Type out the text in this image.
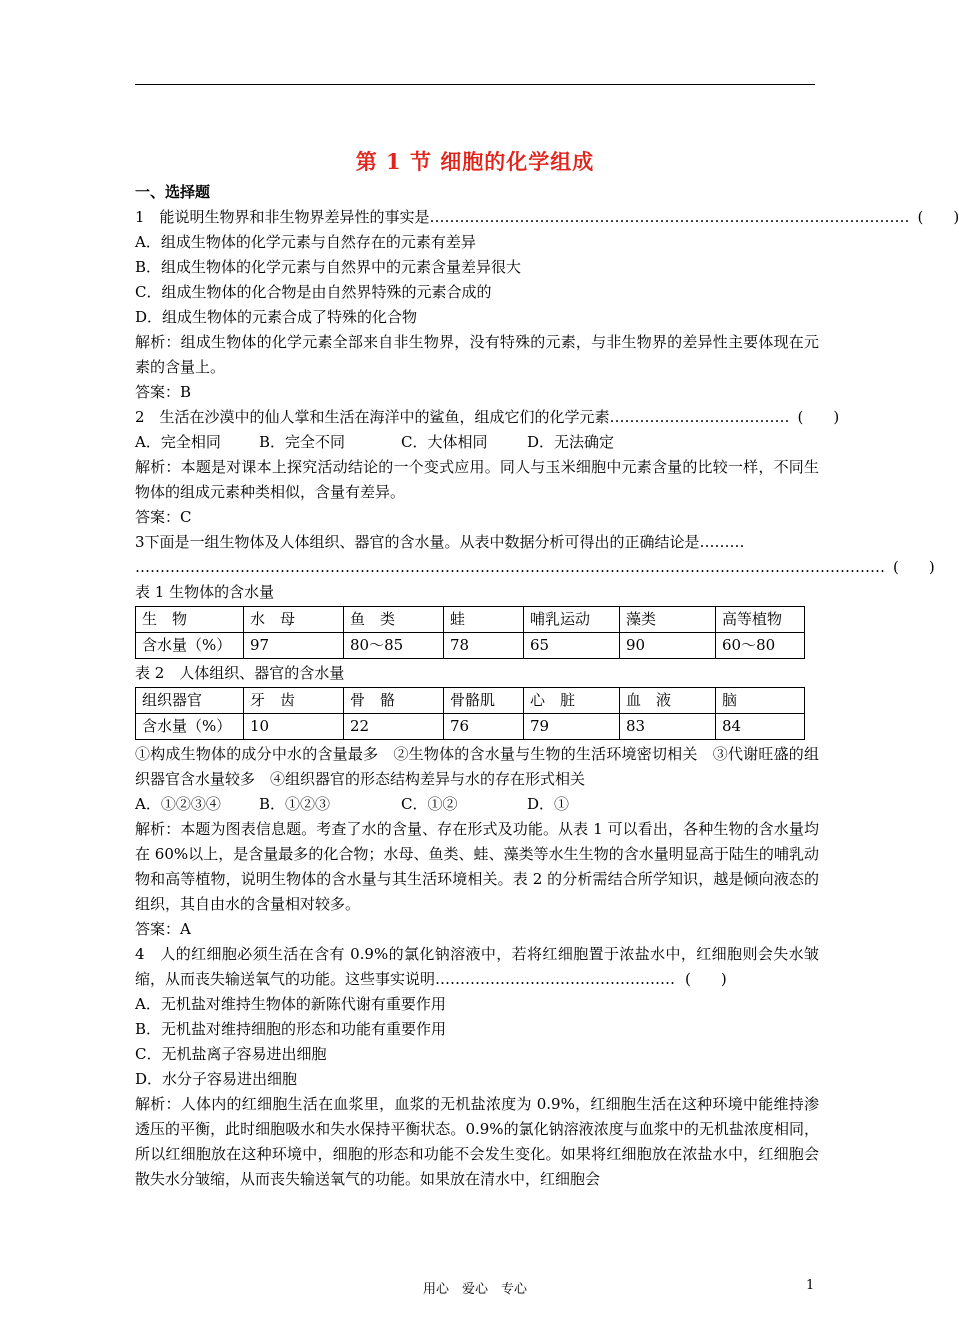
第 1 节 细胞的化学组成
一、选择题
1　能说明生物界和非生物界差异性的事实是 …………………………………………………………………………………… (　　)
A．组成生物体的化学元素与自然存在的元素有差异
B．组成生物体的化学元素与自然界中的元素含量差异很大
C．组成生物体的化合物是由自然界特殊的元素合成的
D．组成生物体的元素合成了特殊的化合物
解析：组成生物体的化学元素全部来自非生物界，没有特殊的元素，与非生物界的差异性主要体现在元素的含量上。
答案：B
2　生活在沙漠中的仙人掌和生活在海洋中的鲨鱼，组成它们的化学元素 ……………………………… (　　)
A．完全相同	B．完全不同	C．大体相同	D．无法确定
解析：本题是对课本上探究活动结论的一个变式应用。同人与玉米细胞中元素含量的比较一样，不同生物体的组成元素种类相似，含量有差异。
答案：C
3下面是一组生物体及人体组织、器官的含水量。从表中数据分析可得出的正确结论是………
…………………………………………………………………………………………………………………………………… (　　)
表 1 生物体的含水量
生　物	水　母	鱼　类	蛙	哺乳运动	藻类	高等植物
含水量（%）	97	80～85	78	65	90	60～80
表 2　人体组织、器官的含水量
组织器官	牙　齿	骨　骼	骨骼肌	心　脏	血　液	脑
含水量（%）	10	22	76	79	83	84
①构成生物体的成分中水的含量最多　②生物体的含水量与生物的生活环境密切相关　③代谢旺盛的组织器官含水量较多　④组织器官的形态结构差异与水的存在形式相关
A．①②③④	B．①②③	C．①②	D．①
解析：本题为图表信息题。考查了水的含量、存在形式及功能。从表 1 可以看出，各种生物的含水量均在 60%以上，是含量最多的化合物；水母、鱼类、蛙、藻类等水生生物的含水量明显高于陆生的哺乳动物和高等植物，说明生物体的含水量与其生活环境相关。表 2 的分析需结合所学知识，越是倾向液态的组织，其自由水的含量相对较多。
答案：A
4　人的红细胞必须生活在含有 0.9%的氯化钠溶液中，若将红细胞置于浓盐水中，红细胞则会失水皱缩，从而丧失输送氧气的功能。这些事实说明………………………………………… (　　)
A．无机盐对维持生物体的新陈代谢有重要作用
B．无机盐对维持细胞的形态和功能有重要作用
C．无机盐离子容易进出细胞
D．水分子容易进出细胞
解析：人体内的红细胞生活在血浆里，血浆的无机盐浓度为 0.9%，红细胞生活在这种环境中能维持渗透压的平衡，此时细胞吸水和失水保持平衡状态。0.9%的氯化钠溶液浓度与血浆中的无机盐浓度相同，所以红细胞放在这种环境中，细胞的形态和功能不会发生变化。如果将红细胞放在浓盐水中，红细胞会散失水分皱缩，从而丧失输送氧气的功能。如果放在清水中，红细胞会
用心　爱心　专心	1
